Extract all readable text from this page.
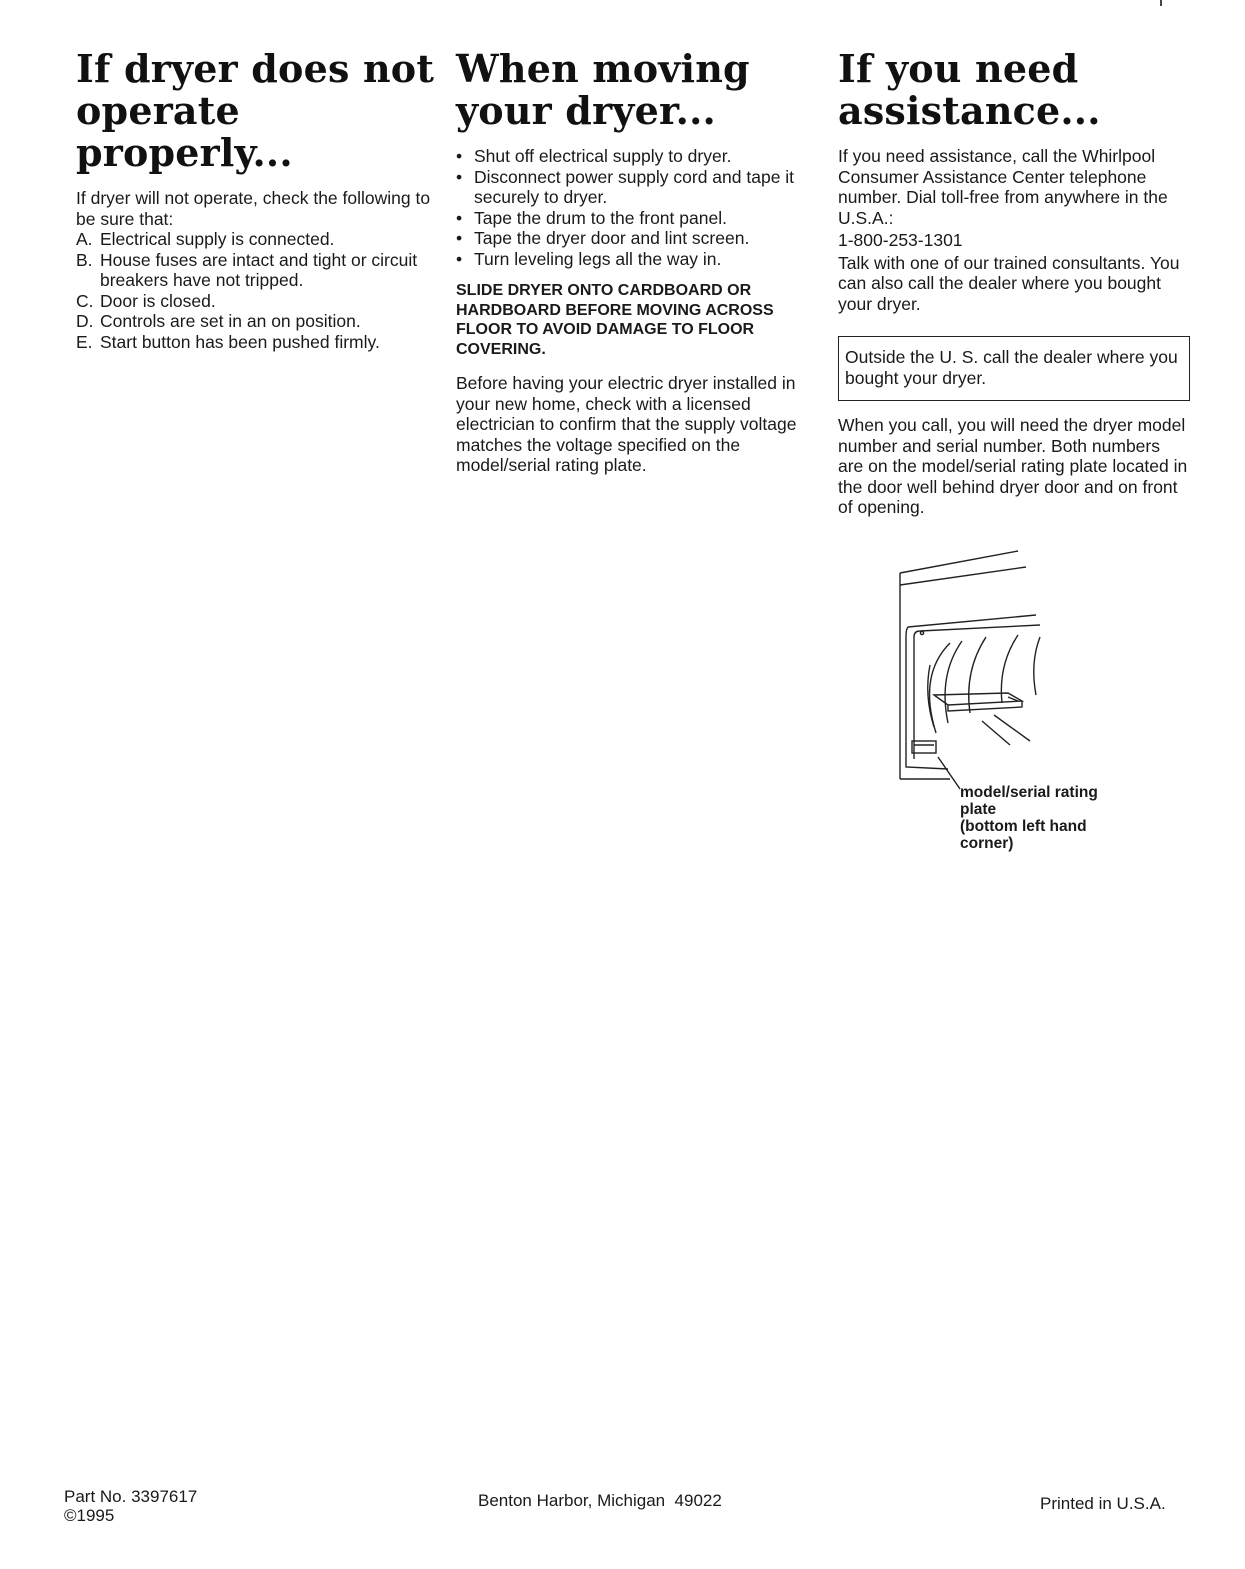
If dryer does not operate properly...

If dryer will not operate, check the following to be sure that:

A. Electrical supply is connected.
B. House fuses are intact and tight or circuit breakers have not tripped.
C. Door is closed.
D. Controls are set in an on position.
E. Start button has been pushed firmly.
When moving your dryer...
• Shut off electrical supply to dryer.
• Disconnect power supply cord and tape it securely to dryer.
• Tape the drum to the front panel.
• Tape the dryer door and lint screen.
• Turn leveling legs all the way in.

SLIDE DRYER ONTO CARDBOARD OR HARDBOARD BEFORE MOVING ACROSS FLOOR TO AVOID DAMAGE TO FLOOR COVERING.

Before having your electric dryer installed in your new home, check with a licensed electrician to confirm that the supply voltage matches the voltage specified on the model/serial rating plate.

If you need assistance...

If you need assistance, call the Whirlpool Consumer Assistance Center telephone number. Dial toll-free from anywhere in the U.S.A.:

1-800-253-1301

Talk with one of our trained consultants. You can also call the dealer where you bought your dryer.

Outside the U. S. call the dealer where you bought your dryer.

When you call, you will need the dryer model number and serial number. Both numbers are on the model/serial rating plate located in the door well behind dryer door and on front of opening.

model/serial rating plate
(bottom left hand corner)
Part No. 3397617
©1995
Benton Harbor, Michigan  49022	Printed in U.S.A.
